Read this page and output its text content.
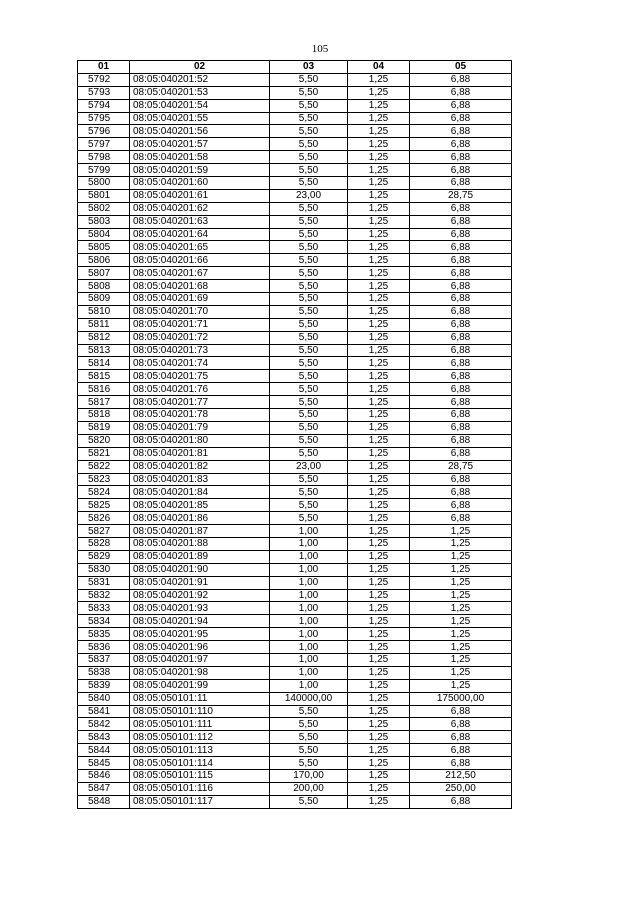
105
01	02	03	04	05
5792	08:05:040201:52	5,50	1,25	6,88
5793	08:05:040201:53	5,50	1,25	6,88
5794	08:05:040201:54	5,50	1,25	6,88
5795	08:05:040201:55	5,50	1,25	6,88
5796	08:05:040201:56	5,50	1,25	6,88
5797	08:05:040201:57	5,50	1,25	6,88
5798	08:05:040201:58	5,50	1,25	6,88
5799	08:05:040201:59	5,50	1,25	6,88
5800	08:05:040201:60	5,50	1,25	6,88
5801	08:05:040201:61	23,00	1,25	28,75
5802	08:05:040201:62	5,50	1,25	6,88
5803	08:05:040201:63	5,50	1,25	6,88
5804	08:05:040201:64	5,50	1,25	6,88
5805	08:05:040201:65	5,50	1,25	6,88
5806	08:05:040201:66	5,50	1,25	6,88
5807	08:05:040201:67	5,50	1,25	6,88
5808	08:05:040201:68	5,50	1,25	6,88
5809	08:05:040201:69	5,50	1,25	6,88
5810	08:05:040201:70	5,50	1,25	6,88
5811	08:05:040201:71	5,50	1,25	6,88
5812	08:05:040201:72	5,50	1,25	6,88
5813	08:05:040201:73	5,50	1,25	6,88
5814	08:05:040201:74	5,50	1,25	6,88
5815	08:05:040201:75	5,50	1,25	6,88
5816	08:05:040201:76	5,50	1,25	6,88
5817	08:05:040201:77	5,50	1,25	6,88
5818	08:05:040201:78	5,50	1,25	6,88
5819	08:05:040201:79	5,50	1,25	6,88
5820	08:05:040201:80	5,50	1,25	6,88
5821	08:05:040201:81	5,50	1,25	6,88
5822	08:05:040201:82	23,00	1,25	28,75
5823	08:05:040201:83	5,50	1,25	6,88
5824	08:05:040201:84	5,50	1,25	6,88
5825	08:05:040201:85	5,50	1,25	6,88
5826	08:05:040201:86	5,50	1,25	6,88
5827	08:05:040201:87	1,00	1,25	1,25
5828	08:05:040201:88	1,00	1,25	1,25
5829	08:05:040201:89	1,00	1,25	1,25
5830	08:05:040201:90	1,00	1,25	1,25
5831	08:05:040201:91	1,00	1,25	1,25
5832	08:05:040201:92	1,00	1,25	1,25
5833	08:05:040201:93	1,00	1,25	1,25
5834	08:05:040201:94	1,00	1,25	1,25
5835	08:05:040201:95	1,00	1,25	1,25
5836	08:05:040201:96	1,00	1,25	1,25
5837	08:05:040201:97	1,00	1,25	1,25
5838	08:05:040201:98	1,00	1,25	1,25
5839	08:05:040201:99	1,00	1,25	1,25
5840	08:05:050101:11	140000,00	1,25	175000,00
5841	08:05:050101:110	5,50	1,25	6,88
5842	08:05:050101:111	5,50	1,25	6,88
5843	08:05:050101:112	5,50	1,25	6,88
5844	08:05:050101:113	5,50	1,25	6,88
5845	08:05:050101:114	5,50	1,25	6,88
5846	08:05:050101:115	170,00	1,25	212,50
5847	08:05:050101:116	200,00	1,25	250,00
5848	08:05:050101:117	5,50	1,25	6,88
